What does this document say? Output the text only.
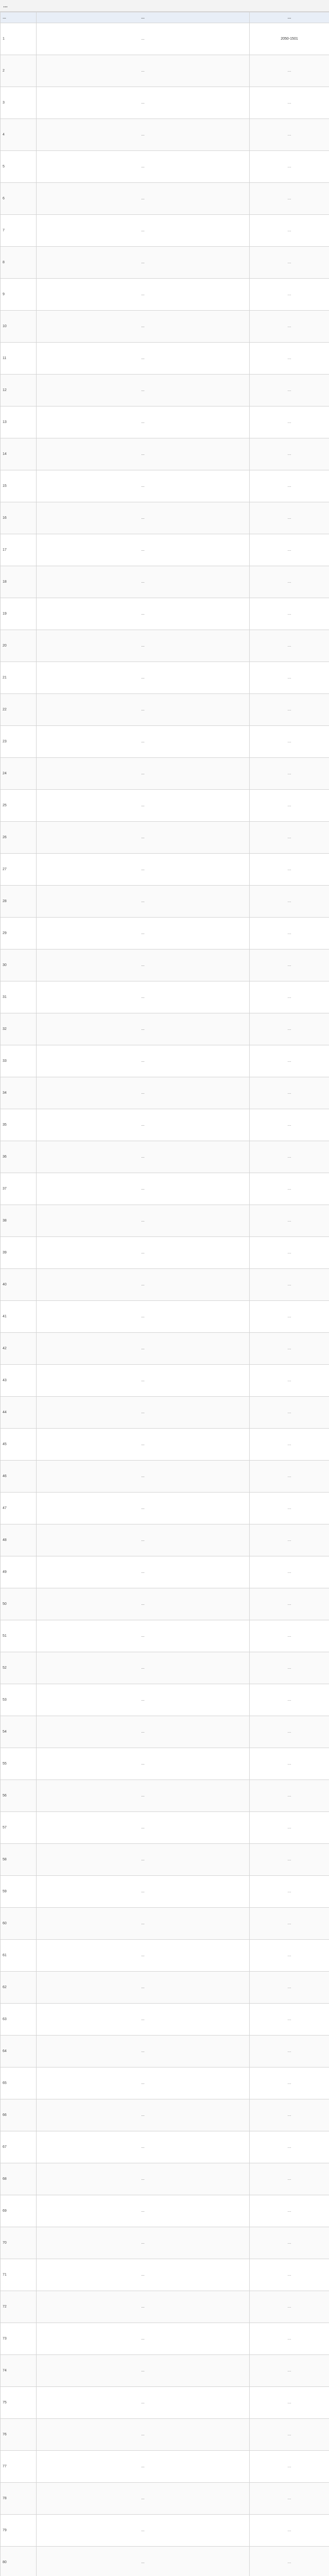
…
…	…	…
1	…	2050-1501
2	…	…
3	…	…
4	…	…
5	…	…
6	…	…
7	…	…
8	…	…
9	…	…
10	…	…
11	…	…
12	…	…
13	…	…
14	…	…
15	…	…
16	…	…
17	…	…
18	…	…
19	…	…
20	…	…
21	…	…
22	…	…
23	…	…
24	…	…
25	…	…
26	…	…
27	…	…
28	…	…
29	…	…
30	…	…
31	…	…
32	…	…
33	…	…
34	…	…
35	…	…
36	…	…
37	…	…
38	…	…
39	…	…
40	…	…
41	…	…
42	…	…
43	…	…
44	…	…
45	…	…
46	…	…
47	…	…
48	…	…
49	…	…
50	…	…
51	…	…
52	…	…
53	…	…
54	…	…
55	…	…
56	…	…
57	…	…
58	…	…
59	…	…
60	…	…
61	…	…
62	…	…
63	…	…
64	…	…
65	…	…
66	…	…
67	…	…
68	…	…
69	…	…
70	…	…
71	…	…
72	…	…
73	…	…
74	…	…
75	…	…
76	…	…
77	…	…
78	…	…
79	…	…
80	…	…
